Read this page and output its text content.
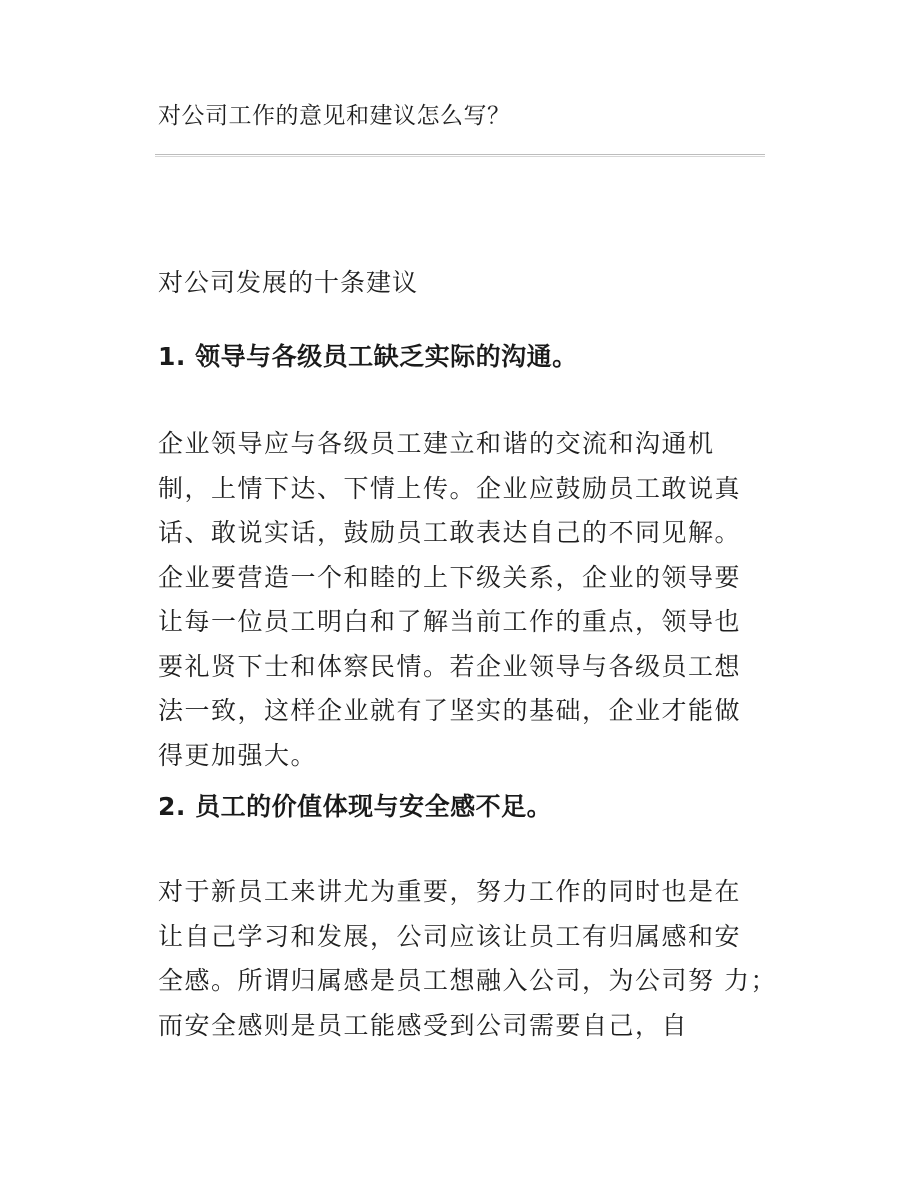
对公司工作的意见和建议怎么写？
对公司发展的十条建议
1. 领导与各级员工缺乏实际的沟通。
企业领导应与各级员工建立和谐的交流和沟通机
制，上情下达、下情上传。企业应鼓励员工敢说真
话、敢说实话，鼓励员工敢表达自己的不同见解。
企业要营造一个和睦的上下级关系，企业的领导要
让每一位员工明白和了解当前工作的重点，领导也
要礼贤下士和体察民情。若企业领导与各级员工想
法一致，这样企业就有了坚实的基础，企业才能做
得更加强大。
2. 员工的价值体现与安全感不足。
对于新员工来讲尤为重要，努力工作的同时也是在
让自己学习和发展，公司应该让员工有归属感和安
全感。所谓归属感是员工想融入公司，为公司努 力；
而安全感则是员工能感受到公司需要自己，自
